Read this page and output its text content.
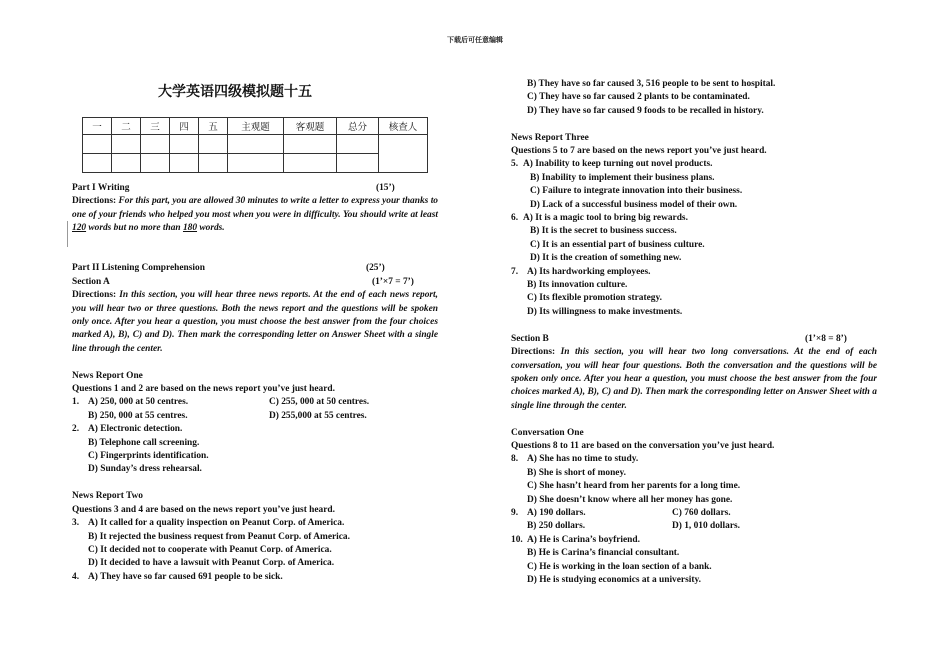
下载后可任意编辑
大学英语四级模拟题十五
一	二	三	四	五	主观题	客观题	总分	核查人

Part I Writing	(15’)
Directions: For this part, you are allowed 30 minutes to write a letter to express your thanks to one of your friends who helped you most when you were in difficulty. You should write at least 120 words but no more than 180 words.
Part II Listening Comprehension	(25’)
Section A	(1’×7 = 7’)
Directions: In this section, you will hear three news reports. At the end of each news report, you will hear two or three questions. Both the news report and the questions will be spoken only once. After you hear a question, you must choose the best answer from the four choices marked A), B), C) and D). Then mark the corresponding letter on Answer Sheet with a single line through the center.
News Report One
Questions 1 and 2 are based on the news report you’ve just heard.
1. A) 250, 000 at 50 centres.	C) 255, 000 at 50 centres.

B) 250, 000 at 55 centres.	D) 255,000 at 55 centres.

2. A) Electronic detection.

B) Telephone call screening.
C) Fingerprints identification.
D) Sunday’s dress rehearsal.
News Report Two
Questions 3 and 4 are based on the news report you’ve just heard.
3. A) It called for a quality inspection on Peanut Corp. of America.

B) It rejected the business request from Peanut Corp. of America.
C) It decided not to cooperate with Peanut Corp. of America.
D) It decided to have a lawsuit with Peanut Corp. of America.
4. A) They have so far caused 691 people to be sick.

B) They have so far caused 3, 516 people to be sent to hospital.
C) They have so far caused 2 plants to be contaminated.
D) They have so far caused 9 foods to be recalled in history.
News Report Three
Questions 5 to 7 are based on the news report you’ve just heard.
5. A) Inability to keep turning out novel products.

B) Inability to implement their business plans.
C) Failure to integrate innovation into their business.
D) Lack of a successful business model of their own.
6. A) It is a magic tool to bring big rewards.

B) It is the secret to business success.
C) It is an essential part of business culture.
D) It is the creation of something new.
7. A) Its hardworking employees.

B) Its innovation culture.
C) Its flexible promotion strategy.
D) Its willingness to make investments.
Section B	(1’×8 = 8’)
Directions: In this section, you will hear two long conversations. At the end of each conversation, you will hear four questions. Both the conversation and the questions will be spoken only once. After you hear a question, you must choose the best answer from the four choices marked A), B), C) and D). Then mark the corresponding letter on Answer Sheet with a single line through the center.
Conversation One
Questions 8 to 11 are based on the conversation you’ve just heard.
8. A) She has no time to study.

B) She is short of money.
C) She hasn’t heard from her parents for a long time.
D) She doesn’t know where all her money has gone.
9. A) 190 dollars.	C) 760 dollars.

B) 250 dollars.	D) 1, 010 dollars.

10. A) He is Carina’s boyfriend.

B) He is Carina’s financial consultant.
C) He is working in the loan section of a bank.
D) He is studying economics at a university.
